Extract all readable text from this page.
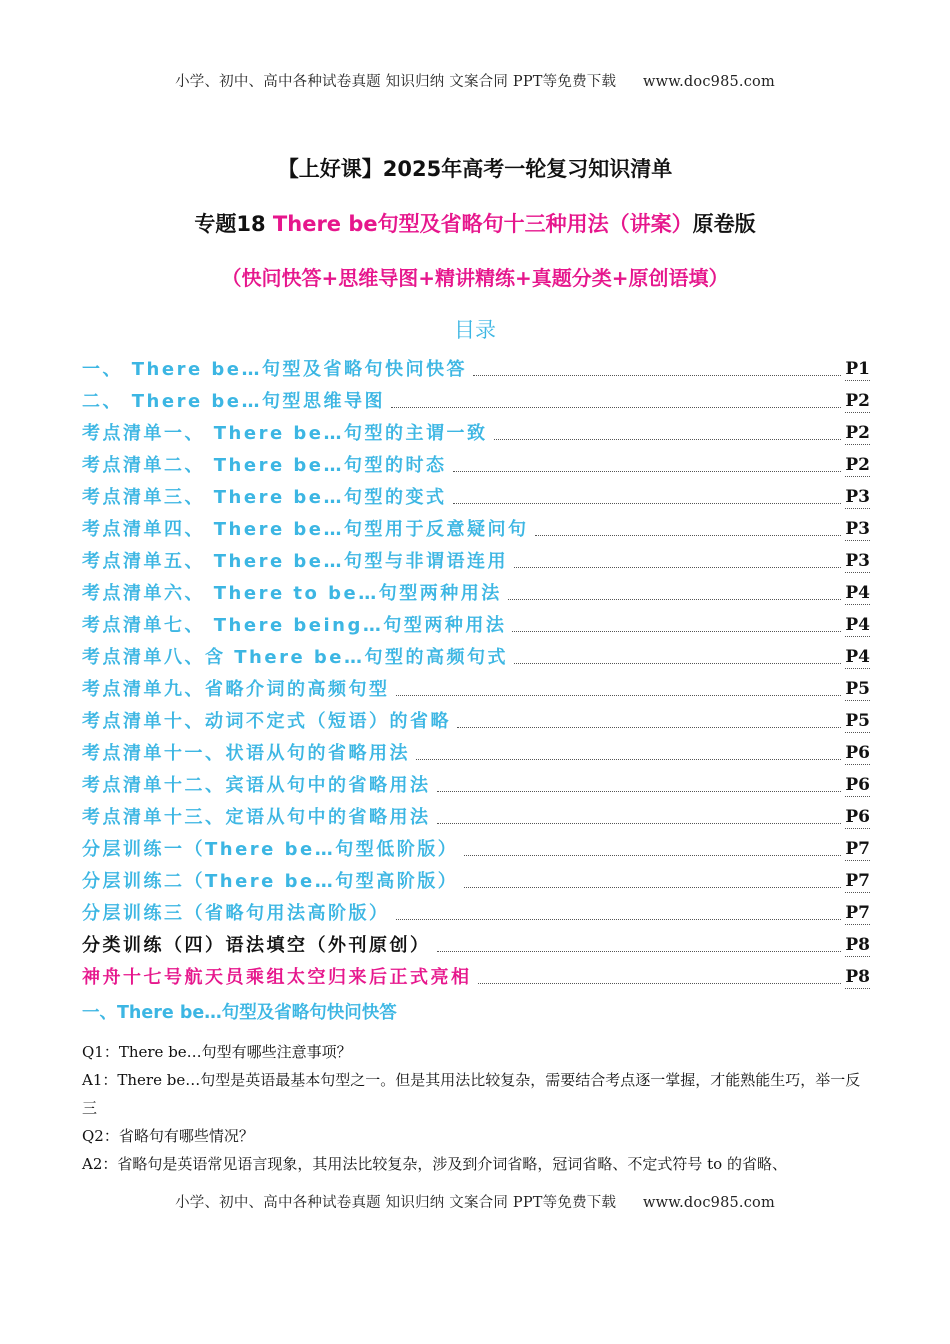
小学、初中、高中各种试卷真题 知识归纳 文案合同 PPT等免费下载 www.doc985.com
【上好课】2025年高考一轮复习知识清单
专题18 There be句型及省略句十三种用法（讲案）原卷版
（快问快答+思维导图+精讲精练+真题分类+原创语填）
目录
一、 There be…句型及省略句快问快答	P1
二、 There be…句型思维导图	P2
考点清单一、 There be…句型的主谓一致	P2
考点清单二、 There be…句型的时态	P2
考点清单三、 There be…句型的变式	P3
考点清单四、 There be…句型用于反意疑问句	P3
考点清单五、 There be…句型与非谓语连用	P3
考点清单六、 There to be…句型两种用法	P4
考点清单七、 There being…句型两种用法	P4
考点清单八、含 There be…句型的高频句式	P4
考点清单九、省略介词的高频句型	P5
考点清单十、动词不定式（短语）的省略	P5
考点清单十一、状语从句的省略用法	P6
考点清单十二、宾语从句中的省略用法	P6
考点清单十三、定语从句中的省略用法	P6
分层训练一（There be…句型低阶版）	P7
分层训练二（There be…句型高阶版）	P7
分层训练三（省略句用法高阶版）	P7
分类训练（四）语法填空（外刊原创）	P8
神舟十七号航天员乘组太空归来后正式亮相	P8
一、There be…句型及省略句快问快答
Q1：There be…句型有哪些注意事项？
A1：There be…句型是英语最基本句型之一。但是其用法比较复杂，需要结合考点逐一掌握，才能熟能生巧，举一反三
Q2：省略句有哪些情况？
A2：省略句是英语常见语言现象，其用法比较复杂，涉及到介词省略，冠词省略、不定式符号 to 的省略、
小学、初中、高中各种试卷真题 知识归纳 文案合同 PPT等免费下载 www.doc985.com
